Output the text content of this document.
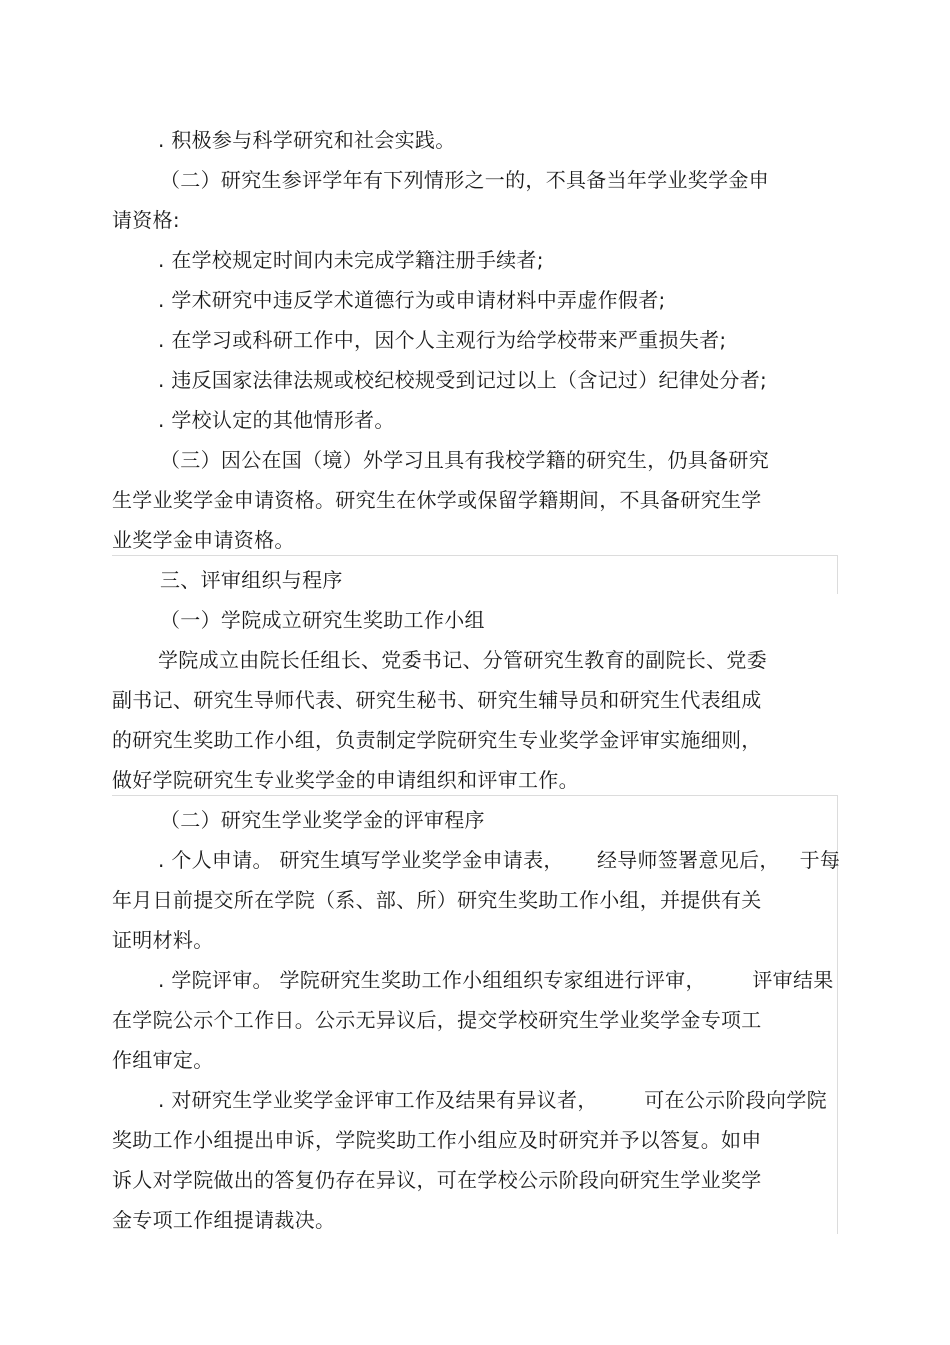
. 积极参与科学研究和社会实践。
（二）研究生参评学年有下列情形之一的，不具备当年学业奖学金申
请资格:
. 在学校规定时间内未完成学籍注册手续者;
. 学术研究中违反学术道德行为或申请材料中弄虚作假者;
. 在学习或科研工作中，因个人主观行为给学校带来严重损失者;
. 违反国家法律法规或校纪校规受到记过以上（含记过）纪律处分者;
. 学校认定的其他情形者。
（三）因公在国（境）外学习且具有我校学籍的研究生，仍具备研究
生学业奖学金申请资格。研究生在休学或保留学籍期间，不具备研究生学
业奖学金申请资格。
三、评审组织与程序
（一）学院成立研究生奖助工作小组
学院成立由院长任组长、党委书记、分管研究生教育的副院长、党委
副书记、研究生导师代表、研究生秘书、研究生辅导员和研究生代表组成
的研究生奖助工作小组，负责制定学院研究生专业奖学金评审实施细则，
做好学院研究生专业奖学金的申请组织和评审工作。
（二）研究生学业奖学金的评审程序
. 个人申请。 研究生填写学业奖学金申请表，     经导师签署意见后，   于每
年月日前提交所在学院（系、部、所）研究生奖助工作小组，并提供有关
证明材料。
. 学院评审。 学院研究生奖助工作小组组织专家组进行评审，       评审结果
在学院公示个工作日。公示无异议后，提交学校研究生学业奖学金专项工
作组审定。
. 对研究生学业奖学金评审工作及结果有异议者，       可在公示阶段向学院
奖助工作小组提出申诉，学院奖助工作小组应及时研究并予以答复。如申
诉人对学院做出的答复仍存在异议，可在学校公示阶段向研究生学业奖学
金专项工作组提请裁决。
